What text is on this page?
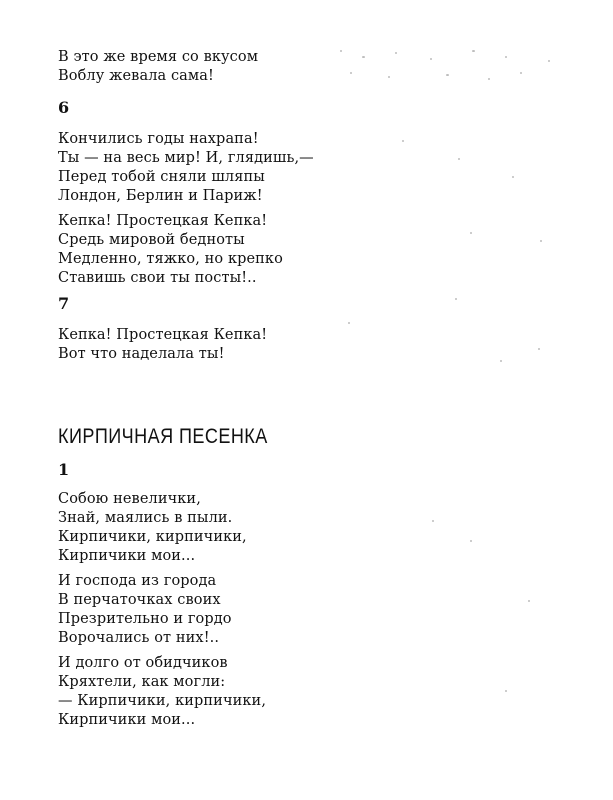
В это же время со вкусом
Воблу жевала сама!
6
Кончились годы нахрапа!
Ты — на весь мир! И, глядишь,—
Перед тобой сняли шляпы
Лондон, Берлин и Париж!
Кепка! Простецкая Кепка!
Средь мировой бедноты
Медленно, тяжко, но крепко
Ставишь свои ты посты!..
7
Кепка! Простецкая Кепка!
Вот что наделала ты!
КИРПИЧНАЯ ПЕСЕНКА
1
Собою невелички,
Знай, маялись в пыли.
Кирпичики, кирпичики,
Кирпичики мои...
И господа из города
В перчаточках своих
Презрительно и гордо
Ворочались от них!..
И долго от обидчиков
Кряхтели, как могли:
— Кирпичики, кирпичики,
Кирпичики мои...
